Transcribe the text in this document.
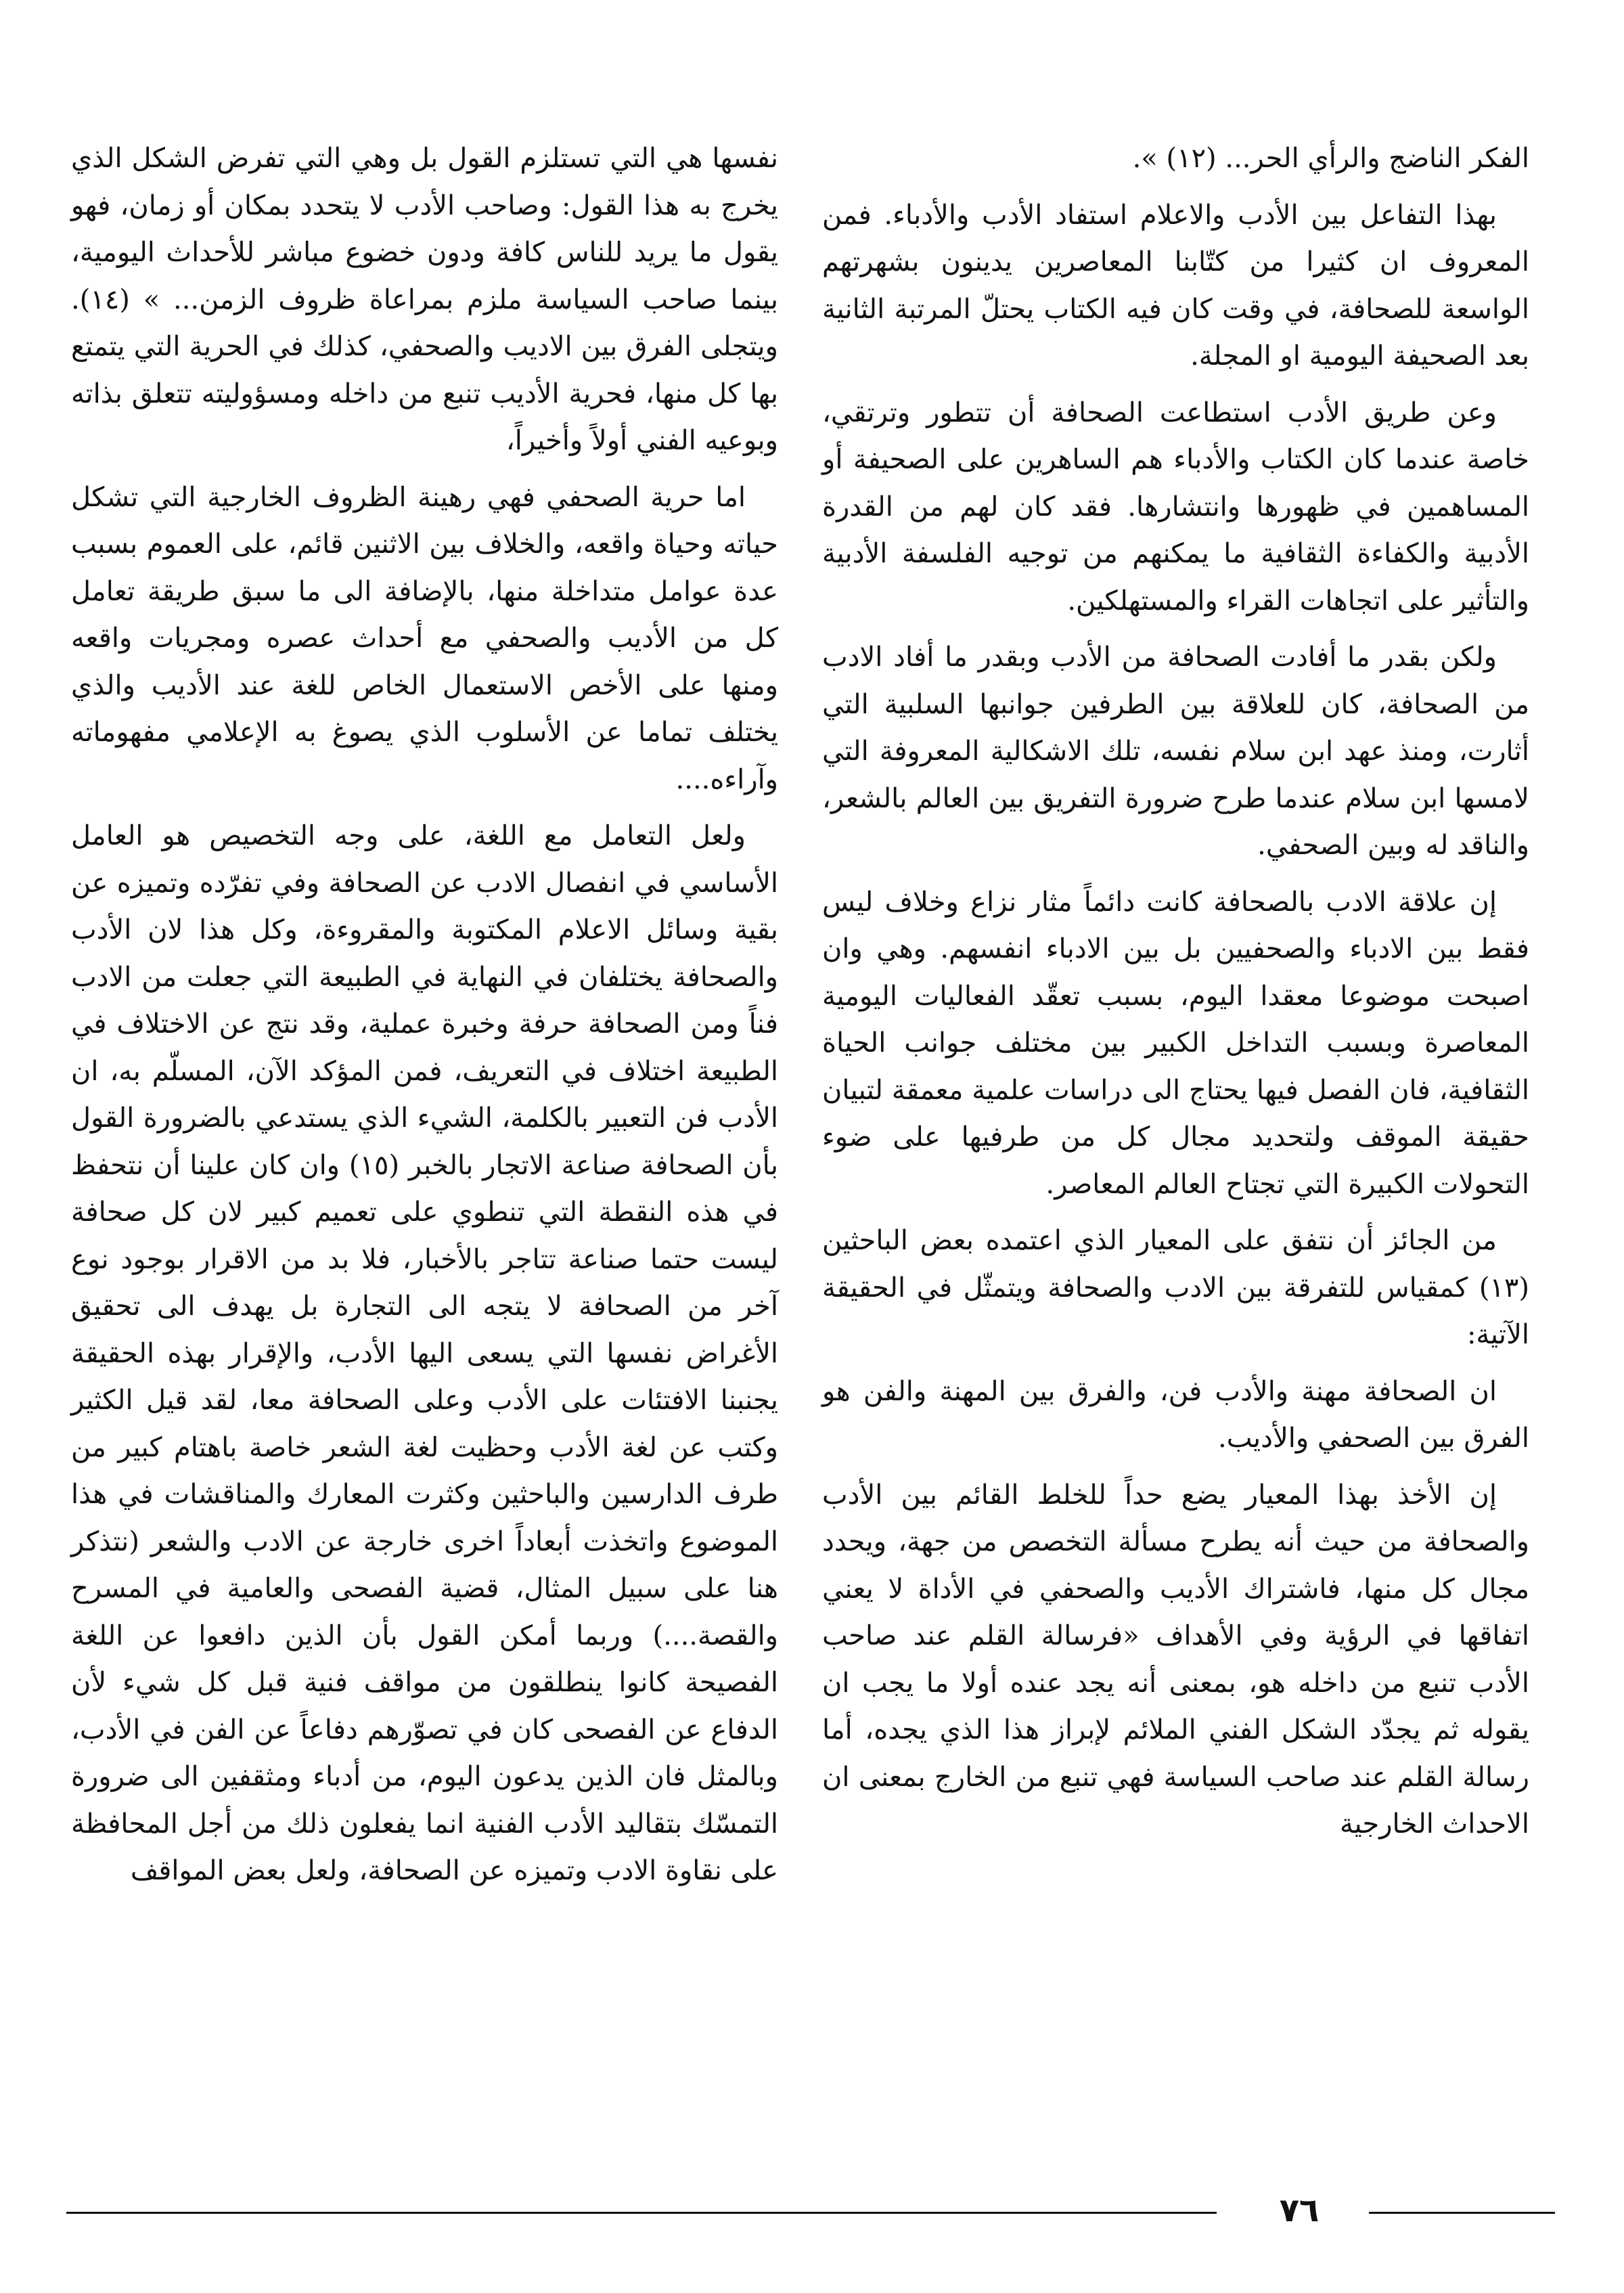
الفكر الناضج والرأي الحر... (١٢) ».

بهذا التفاعل بين الأدب والاعلام استفاد الأدب والأدباء. فمن المعروف ان كثيرا من كتّابنا المعاصرين يدينون بشهرتهم الواسعة للصحافة، في وقت كان فيه الكتاب يحتلّ المرتبة الثانية بعد الصحيفة اليومية او المجلة.

وعن طريق الأدب استطاعت الصحافة أن تتطور وترتقي، خاصة عندما كان الكتاب والأدباء هم الساهرين على الصحيفة أو المساهمين في ظهورها وانتشارها. فقد كان لهم من القدرة الأدبية والكفاءة الثقافية ما يمكنهم من توجيه الفلسفة الأدبية والتأثير على اتجاهات القراء والمستهلكين.

ولكن بقدر ما أفادت الصحافة من الأدب وبقدر ما أفاد الادب من الصحافة، كان للعلاقة بين الطرفين جوانبها السلبية التي أثارت، ومنذ عهد ابن سلام نفسه، تلك الاشكالية المعروفة التي لامسها ابن سلام عندما طرح ضرورة التفريق بين العالم بالشعر، والناقد له وبين الصحفي.

إن علاقة الادب بالصحافة كانت دائماً مثار نزاع وخلاف ليس فقط بين الادباء والصحفيين بل بين الادباء انفسهم. وهي وان اصبحت موضوعا معقدا اليوم، بسبب تعقّد الفعاليات اليومية المعاصرة وبسبب التداخل الكبير بين مختلف جوانب الحياة الثقافية، فان الفصل فيها يحتاج الى دراسات علمية معمقة لتبيان حقيقة الموقف ولتحديد مجال كل من طرفيها على ضوء التحولات الكبيرة التي تجتاح العالم المعاصر.

من الجائز أن نتفق على المعيار الذي اعتمده بعض الباحثين (١٣) كمقياس للتفرقة بين الادب والصحافة ويتمثّل في الحقيقة الآتية:

ان الصحافة مهنة والأدب فن، والفرق بين المهنة والفن هو الفرق بين الصحفي والأديب.

إن الأخذ بهذا المعيار يضع حداً للخلط القائم بين الأدب والصحافة من حيث أنه يطرح مسألة التخصص من جهة، ويحدد مجال كل منها، فاشتراك الأديب والصحفي في الأداة لا يعني اتفاقها في الرؤية وفي الأهداف «فرسالة القلم عند صاحب الأدب تنبع من داخله هو، بمعنى أنه يجد عنده أولا ما يجب ان يقوله ثم يجدّد الشكل الفني الملائم لإبراز هذا الذي يجده، أما رسالة القلم عند صاحب السياسة فهي تنبع من الخارج بمعنى ان الاحداث الخارجية

نفسها هي التي تستلزم القول بل وهي التي تفرض الشكل الذي يخرج به هذا القول: وصاحب الأدب لا يتحدد بمكان أو زمان، فهو يقول ما يريد للناس كافة ودون خضوع مباشر للأحداث اليومية، بينما صاحب السياسة ملزم بمراعاة ظروف الزمن... » (١٤). ويتجلى الفرق بين الاديب والصحفي، كذلك في الحرية التي يتمتع بها كل منها، فحرية الأديب تنبع من داخله ومسؤوليته تتعلق بذاته وبوعيه الفني أولاً وأخيراً،

اما حرية الصحفي فهي رهينة الظروف الخارجية التي تشكل حياته وحياة واقعه، والخلاف بين الاثنين قائم، على العموم بسبب عدة عوامل متداخلة منها، بالإضافة الى ما سبق طريقة تعامل كل من الأديب والصحفي مع أحداث عصره ومجريات واقعه ومنها على الأخص الاستعمال الخاص للغة عند الأديب والذي يختلف تماما عن الأسلوب الذي يصوغ به الإعلامي مفهوماته وآراءه....

ولعل التعامل مع اللغة، على وجه التخصيص هو العامل الأساسي في انفصال الادب عن الصحافة وفي تفرّده وتميزه عن بقية وسائل الاعلام المكتوبة والمقروءة، وكل هذا لان الأدب والصحافة يختلفان في النهاية في الطبيعة التي جعلت من الادب فناً ومن الصحافة حرفة وخبرة عملية، وقد نتج عن الاختلاف في الطبيعة اختلاف في التعريف، فمن المؤكد الآن، المسلّم به، ان الأدب فن التعبير بالكلمة، الشيء الذي يستدعي بالضرورة القول بأن الصحافة صناعة الاتجار بالخبر (١٥) وان كان علينا أن نتحفظ في هذه النقطة التي تنطوي على تعميم كبير لان كل صحافة ليست حتما صناعة تتاجر بالأخبار، فلا بد من الاقرار بوجود نوع آخر من الصحافة لا يتجه الى التجارة بل يهدف الى تحقيق الأغراض نفسها التي يسعى اليها الأدب، والإقرار بهذه الحقيقة يجنبنا الافتئات على الأدب وعلى الصحافة معا، لقد قيل الكثير وكتب عن لغة الأدب وحظيت لغة الشعر خاصة باهتام كبير من طرف الدارسين والباحثين وكثرت المعارك والمناقشات في هذا الموضوع واتخذت أبعاداً اخرى خارجة عن الادب والشعر (نتذكر هنا على سبيل المثال، قضية الفصحى والعامية في المسرح والقصة....) وربما أمكن القول بأن الذين دافعوا عن اللغة الفصيحة كانوا ينطلقون من مواقف فنية قبل كل شيء لأن الدفاع عن الفصحى كان في تصوّرهم دفاعاً عن الفن في الأدب، وبالمثل فان الذين يدعون اليوم، من أدباء ومثقفين الى ضرورة التمسّك بتقاليد الأدب الفنية انما يفعلون ذلك من أجل المحافظة على نقاوة الادب وتميزه عن الصحافة، ولعل بعض المواقف

٧٦
